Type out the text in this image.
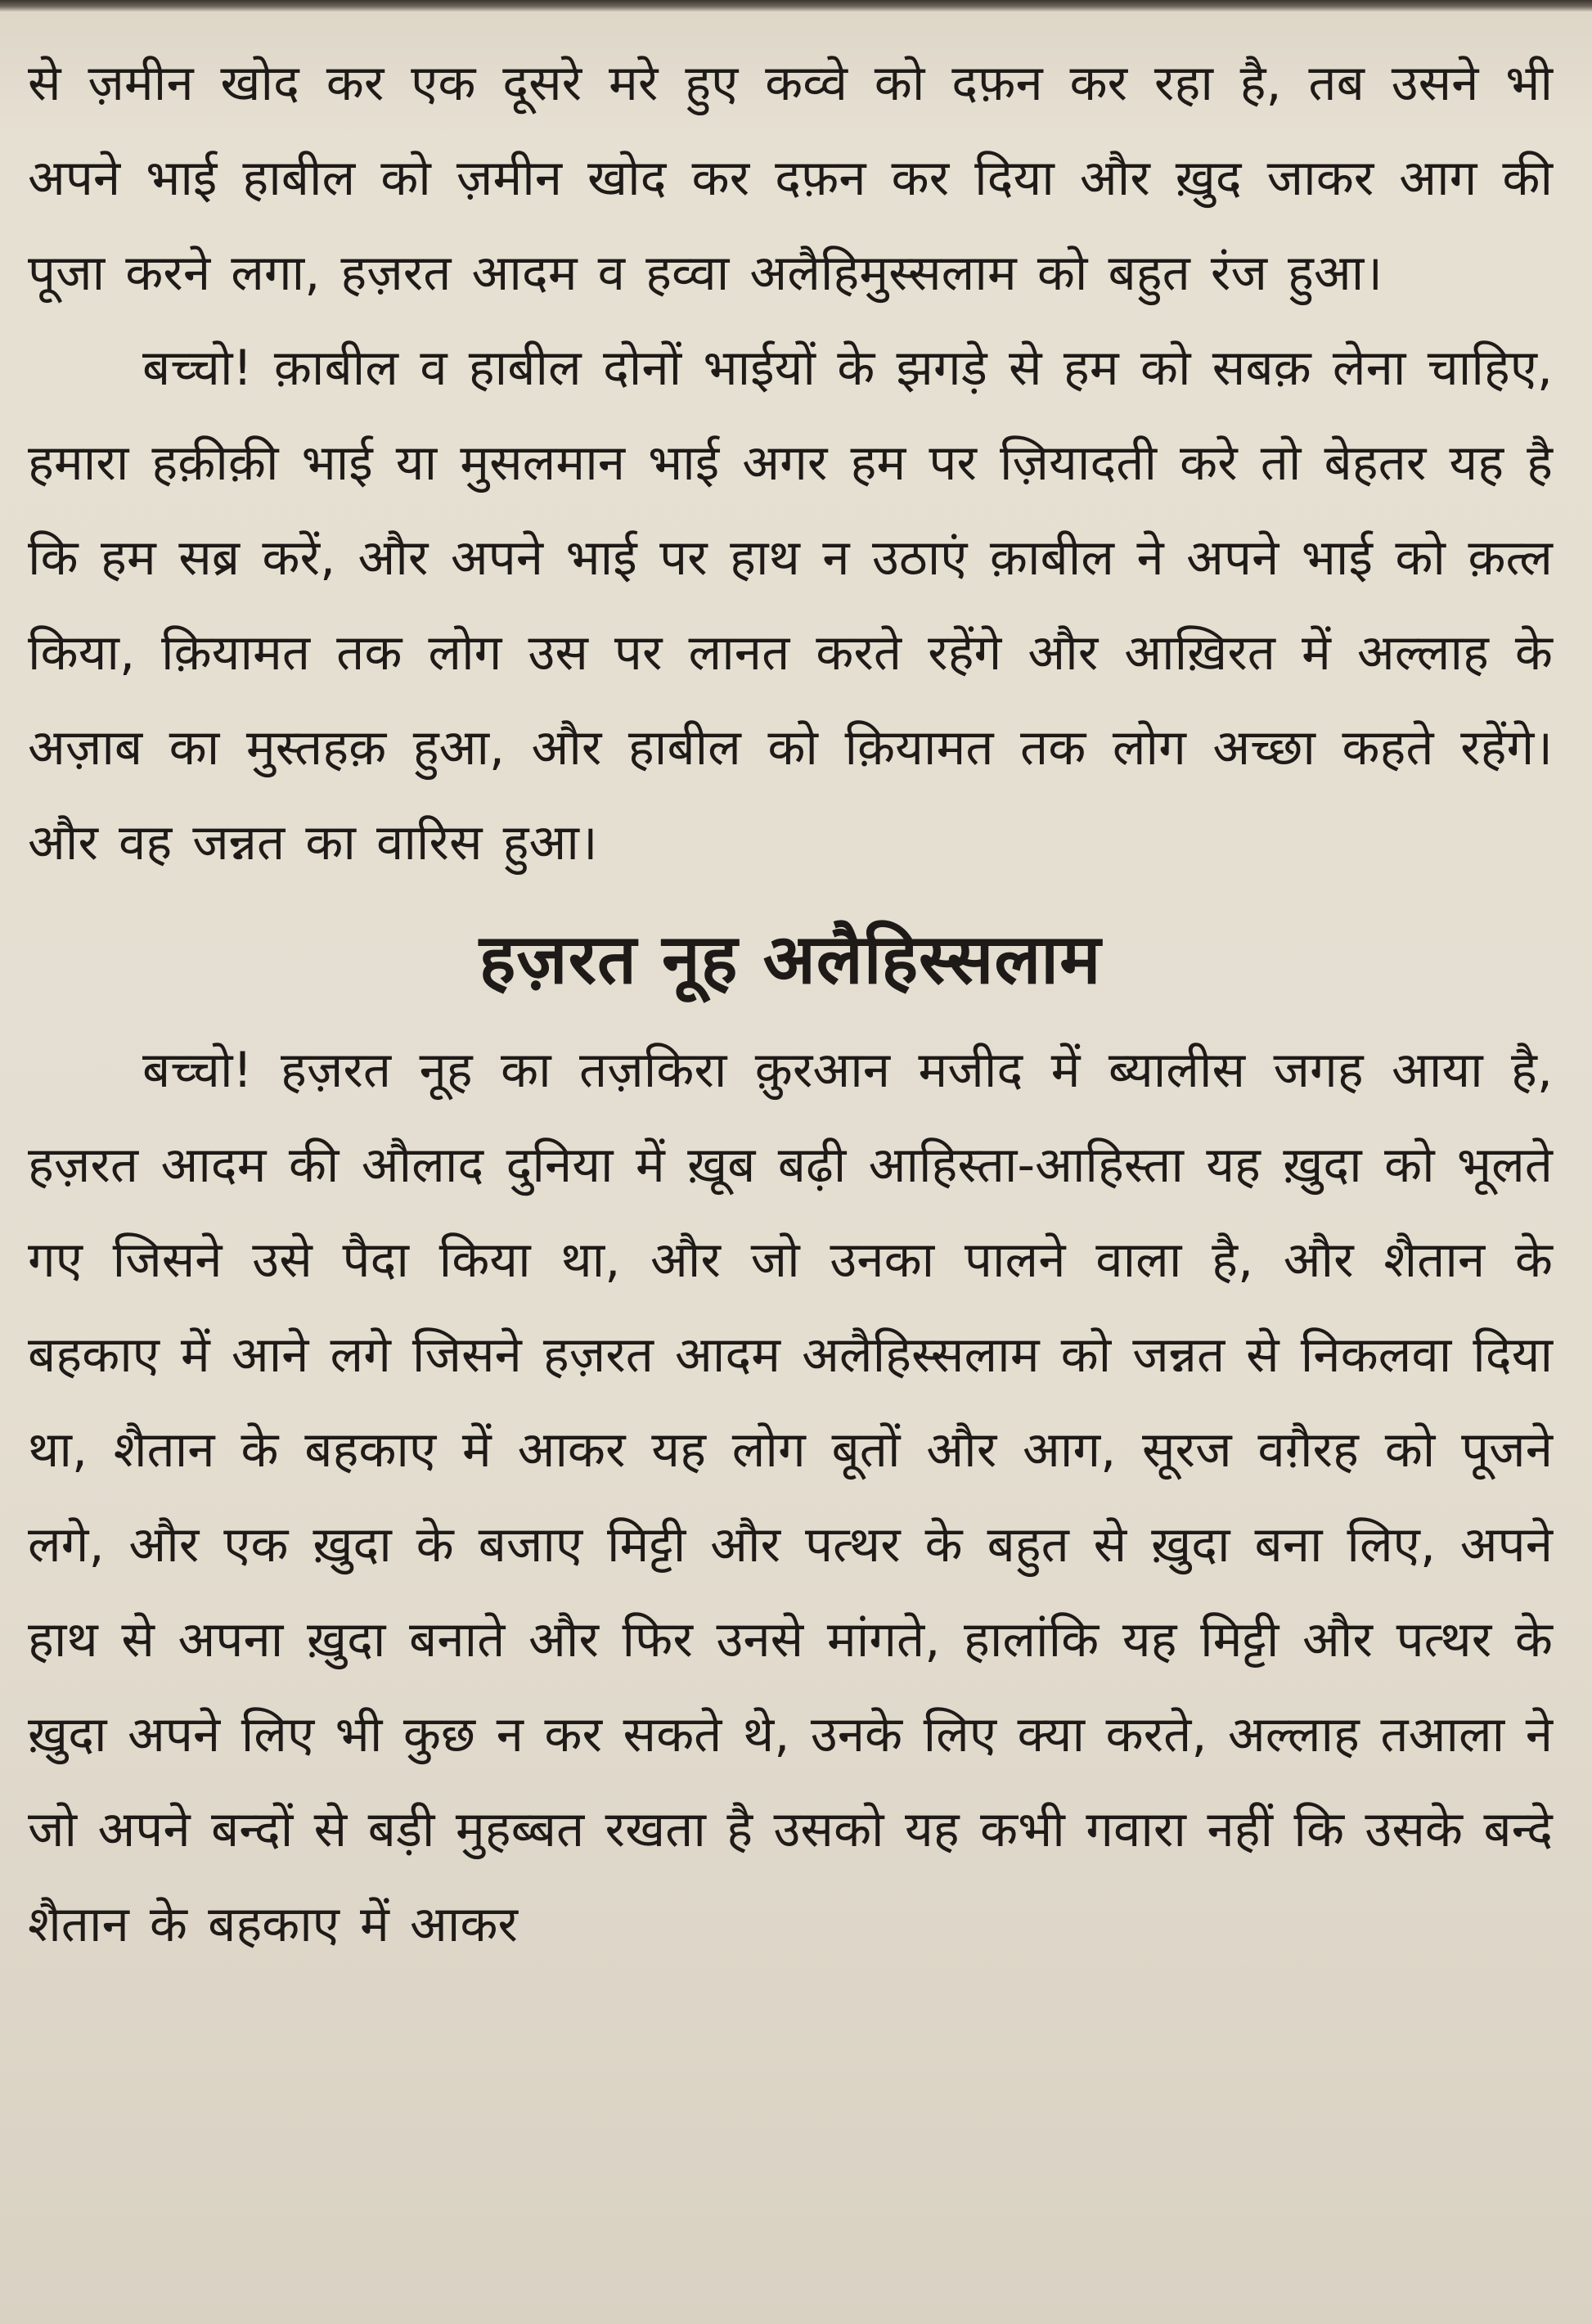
से ज़मीन खोद कर एक दूसरे मरे हुए कव्वे को दफ़न कर रहा है, तब उसने भी अपने भाई हाबील को ज़मीन खोद कर दफ़न कर दिया और ख़ुद जाकर आग की पूजा करने लगा, हज़रत आदम व हव्वा अलैहिमुस्सलाम को बहुत रंज हुआ।

बच्चो! क़ाबील व हाबील दोनों भाईयों के झगड़े से हम को सबक़ लेना चाहिए, हमारा हक़ीक़ी भाई या मुसलमान भाई अगर हम पर ज़ियादती करे तो बेहतर यह है कि हम सब्र करें, और अपने भाई पर हाथ न उठाएं क़ाबील ने अपने भाई को क़त्ल किया, क़ियामत तक लोग उस पर लानत करते रहेंगे और आख़िरत में अल्लाह के अज़ाब का मुस्तहक़ हुआ, और हाबील को क़ियामत तक लोग अच्छा कहते रहेंगे। और वह जन्नत का वारिस हुआ।

हज़रत नूह अलैहिस्सलाम

बच्चो! हज़रत नूह का तज़किरा क़ुरआन मजीद में ब्यालीस जगह आया है, हज़रत आदम की औलाद दुनिया में ख़ूब बढ़ी आहिस्ता-आहिस्ता यह ख़ुदा को भूलते गए जिसने उसे पैदा किया था, और जो उनका पालने वाला है, और शैतान के बहकाए में आने लगे जिसने हज़रत आदम अलैहिस्सलाम को जन्नत से निकलवा दिया था, शैतान के बहकाए में आकर यह लोग बूतों और आग, सूरज वग़ैरह को पूजने लगे, और एक ख़ुदा के बजाए मिट्टी और पत्थर के बहुत से ख़ुदा बना लिए, अपने हाथ से अपना ख़ुदा बनाते और फिर उनसे मांगते, हालांकि यह मिट्टी और पत्थर के ख़ुदा अपने लिए भी कुछ न कर सकते थे, उनके लिए क्या करते, अल्लाह तआला ने जो अपने बन्दों से बड़ी मुहब्बत रखता है उसको यह कभी गवारा नहीं कि उसके बन्दे शैतान के बहकाए में आकर
